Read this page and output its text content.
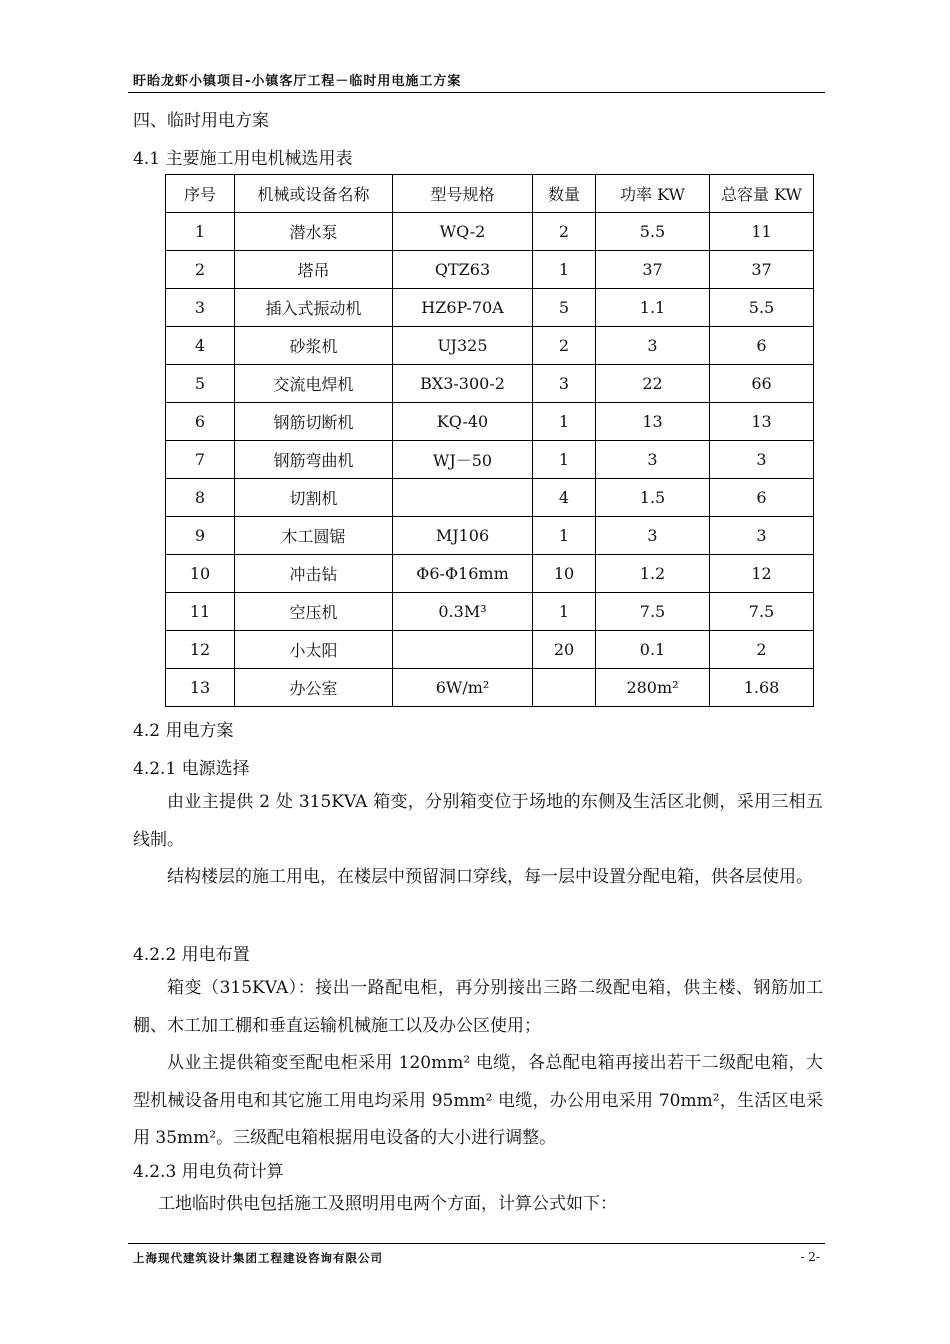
盱眙龙虾小镇项目-小镇客厅工程－临时用电施工方案
四、临时用电方案
4.1 主要施工用电机械选用表
序号	机械或设备名称	型号规格	数量	功率 KW	总容量 KW
1	潜水泵	WQ-2	2	5.5	11
2	塔吊	QTZ63	1	37	37
3	插入式振动机	HZ6P-70A	5	1.1	5.5
4	砂浆机	UJ325	2	3	6
5	交流电焊机	BX3-300-2	3	22	66
6	钢筋切断机	KQ-40	1	13	13
7	钢筋弯曲机	WJ－50	1	3	3
8	切割机		4	1.5	6
9	木工圆锯	MJ106	1	3	3
10	冲击钻	Φ6-Φ16mm	10	1.2	12
11	空压机	0.3M³	1	7.5	7.5
12	小太阳		20	0.1	2
13	办公室	6W/m²		280m²	1.68
4.2 用电方案
4.2.1 电源选择
由业主提供 2 处 315KVA 箱变，分别箱变位于场地的东侧及生活区北侧，采用三相五线制。
结构楼层的施工用电，在楼层中预留洞口穿线，每一层中设置分配电箱，供各层使用。
4.2.2 用电布置
箱变（315KVA）：接出一路配电柜，再分别接出三路二级配电箱，供主楼、钢筋加工棚、木工加工棚和垂直运输机械施工以及办公区使用；
从业主提供箱变至配电柜采用 120mm² 电缆，各总配电箱再接出若干二级配电箱，大型机械设备用电和其它施工用电均采用 95mm² 电缆，办公用电采用 70mm²，生活区电采用 35mm²。三级配电箱根据用电设备的大小进行调整。
4.2.3 用电负荷计算
工地临时供电包括施工及照明用电两个方面，计算公式如下：
上海现代建筑设计集团工程建设咨询有限公司	- 2-
